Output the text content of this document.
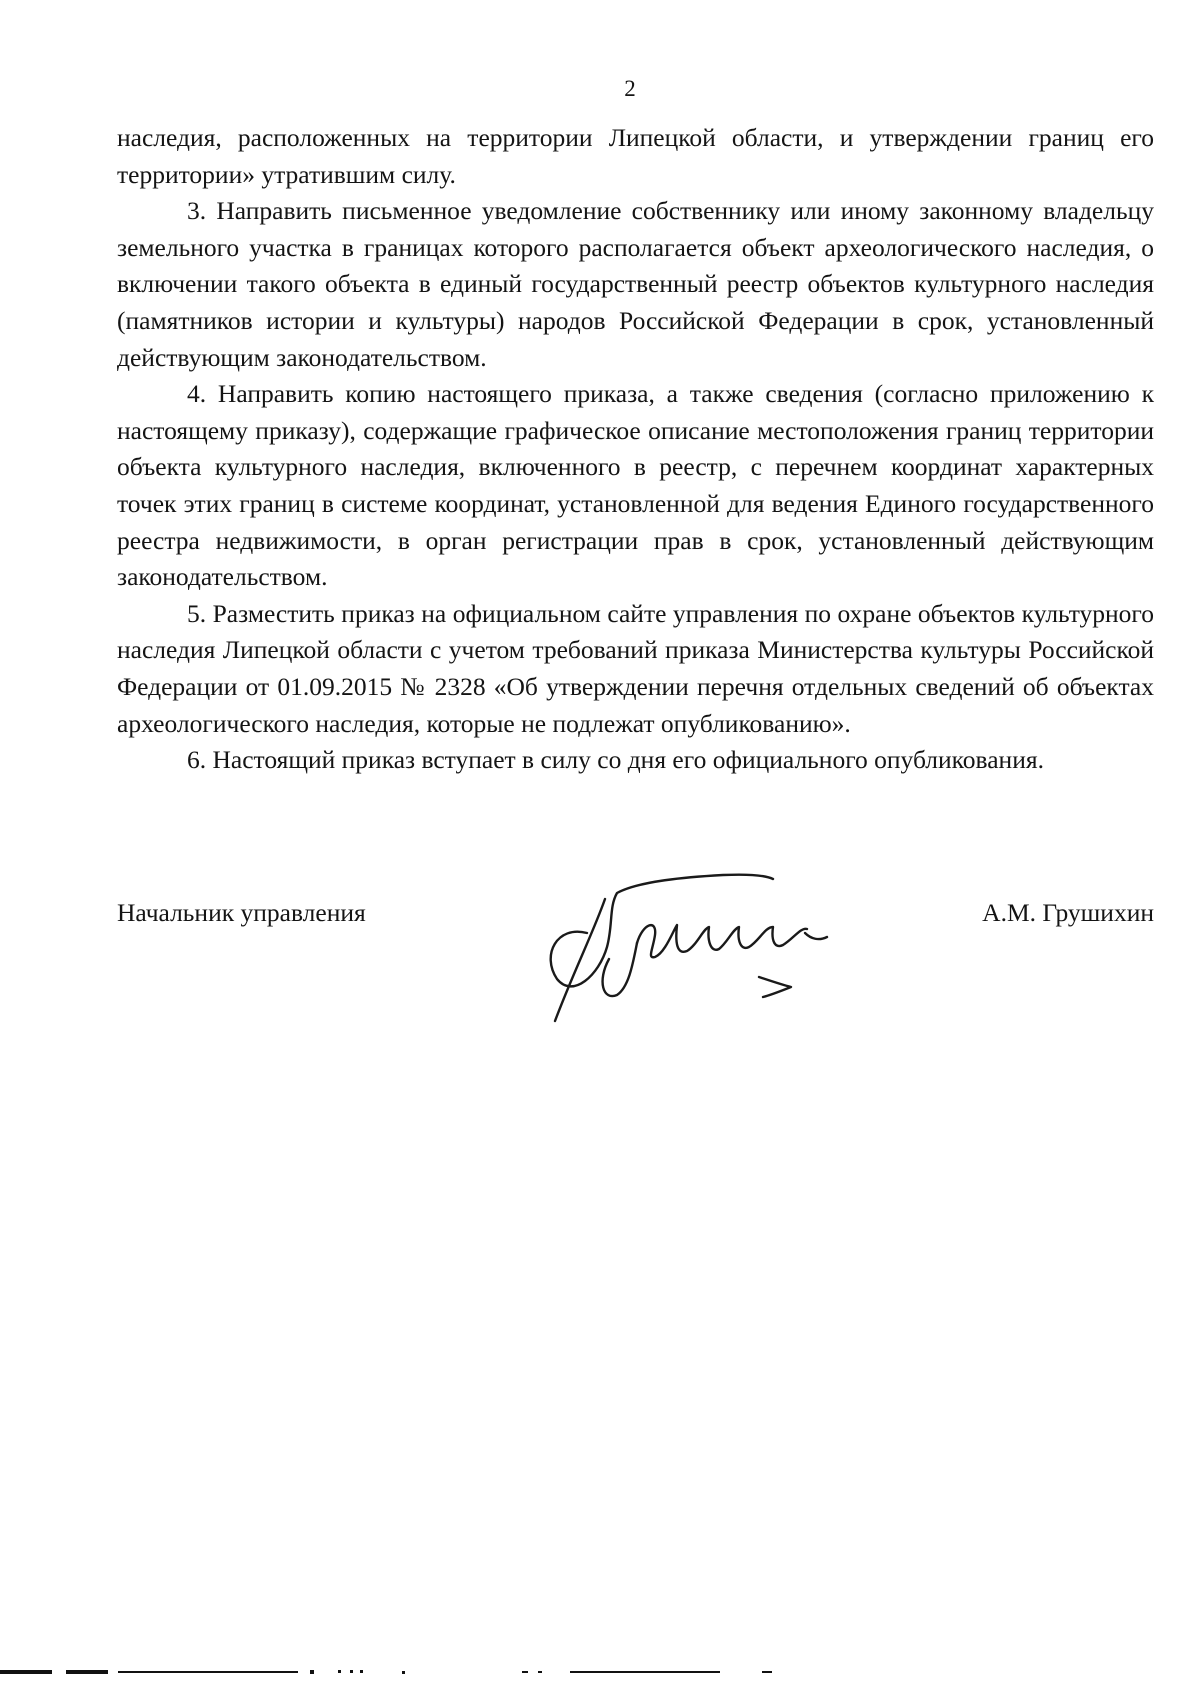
2

наследия, расположенных на территории Липецкой области, и утверждении границ его территории» утратившим силу.

3. Направить письменное уведомление собственнику или иному законному владельцу земельного участка в границах которого располагается объект археологического наследия, о включении такого объекта в единый государственный реестр объектов культурного наследия (памятников истории и культуры) народов Российской Федерации в срок, установленный действующим законодательством.

4. Направить копию настоящего приказа, а также сведения (согласно приложению к настоящему приказу), содержащие графическое описание местоположения границ территории объекта культурного наследия, включенного в реестр, с перечнем координат характерных точек этих границ в системе координат, установленной для ведения Единого государственного реестра недвижимости, в орган регистрации прав в срок, установленный действующим законодательством.

5. Разместить приказ на официальном сайте управления по охране объектов культурного наследия Липецкой области с учетом требований приказа Министерства культуры Российской Федерации от 01.09.2015 № 2328 «Об утверждении перечня отдельных сведений об объектах археологического наследия, которые не подлежат опубликованию».

6. Настоящий приказ вступает в силу со дня его официального опубликования.

Начальник управления	А.М. Грушихин
